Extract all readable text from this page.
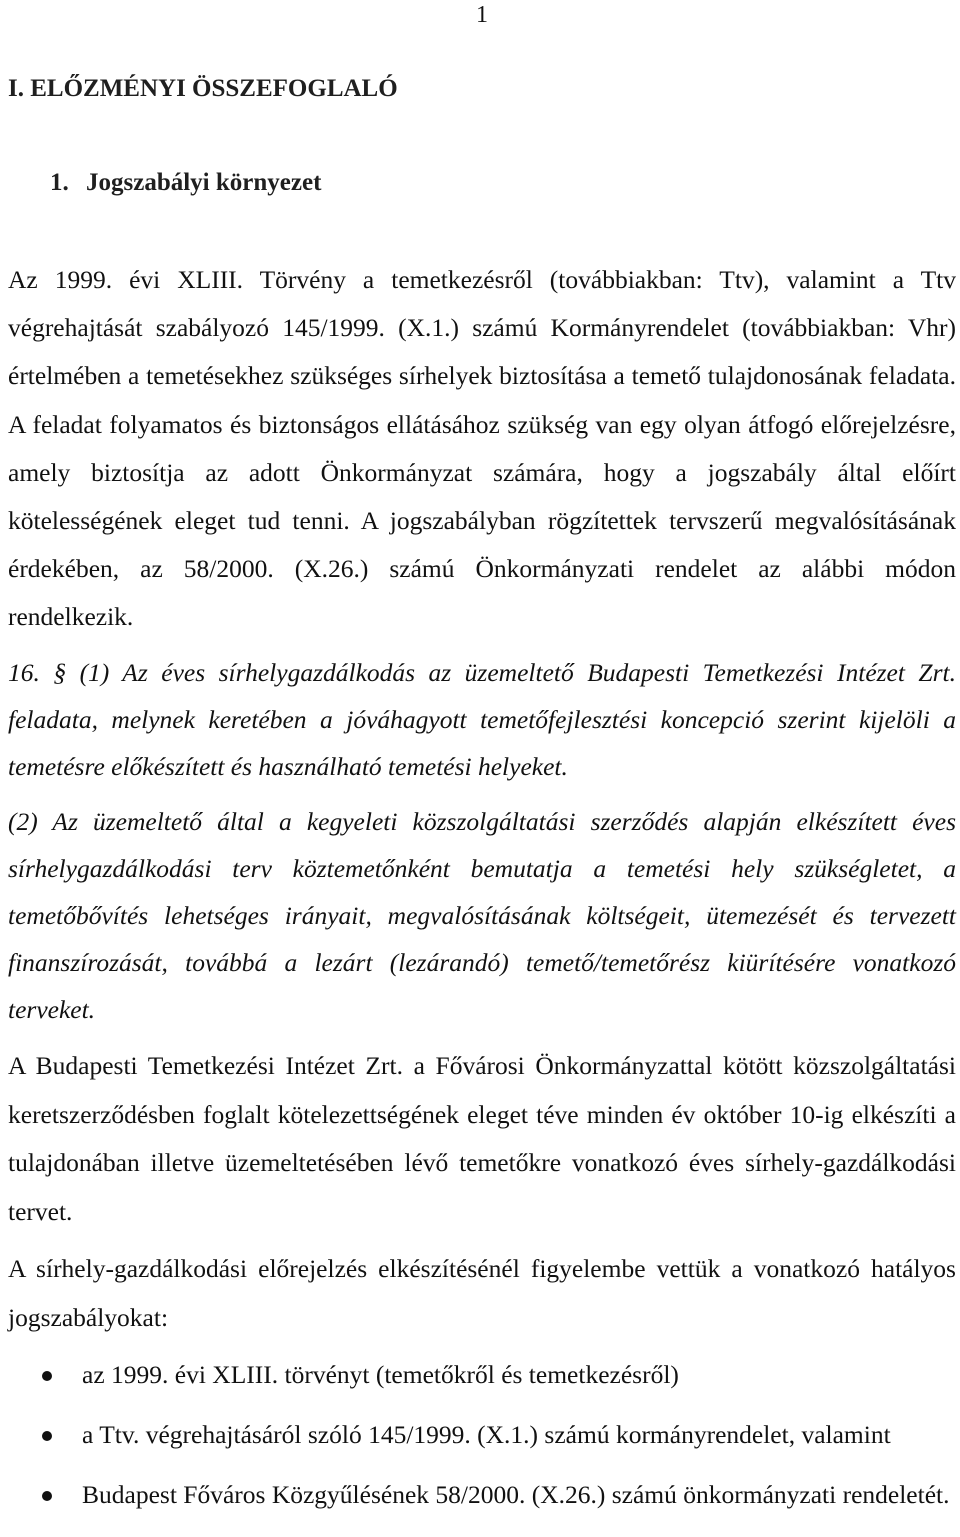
1
I. ELŐZMÉNYI ÖSSZEFOGLALÓ
1. Jogszabályi környezet

Az 1999. évi XLIII. Törvény a temetkezésről (továbbiakban: Ttv), valamint a Ttv végrehajtását szabályozó 145/1999. (X.1.) számú Kormányrendelet (továbbiakban: Vhr) értelmében a temetésekhez szükséges sírhelyek biztosítása a temető tulajdonosának feladata. A feladat folyamatos és biztonságos ellátásához szükség van egy olyan átfogó előrejelzésre, amely biztosítja az adott Önkormányzat számára, hogy a jogszabály által előírt kötelességének eleget tud tenni. A jogszabályban rögzítettek tervszerű megvalósításának érdekében, az 58/2000. (X.26.) számú Önkormányzati rendelet az alábbi módon rendelkezik.

16. § (1) Az éves sírhelygazdálkodás az üzemeltető Budapesti Temetkezési Intézet Zrt. feladata, melynek keretében a jóváhagyott temetőfejlesztési koncepció szerint kijelöli a temetésre előkészített és használható temetési helyeket.

(2) Az üzemeltető által a kegyeleti közszolgáltatási szerződés alapján elkészített éves sírhelygazdálkodási terv köztemetőnként bemutatja a temetési hely szükségletet, a temetőbővítés lehetséges irányait, megvalósításának költségeit, ütemezését és tervezett finanszírozását, továbbá a lezárt (lezárandó) temető/temetőrész kiürítésére vonatkozó terveket.

A Budapesti Temetkezési Intézet Zrt. a Fővárosi Önkormányzattal kötött közszolgáltatási keretszerződésben foglalt kötelezettségének eleget téve minden év október 10-ig elkészíti a tulajdonában illetve üzemeltetésében lévő temetőkre vonatkozó éves sírhely-gazdálkodási tervet.

A sírhely-gazdálkodási előrejelzés elkészítésénél figyelembe vettük a vonatkozó hatályos jogszabályokat:

az 1999. évi XLIII. törvényt (temetőkről és temetkezésről)
a Ttv. végrehajtásáról szóló 145/1999. (X.1.) számú kormányrendelet, valamint
Budapest Főváros Közgyűlésének 58/2000. (X.26.) számú önkormányzati rendeletét.
